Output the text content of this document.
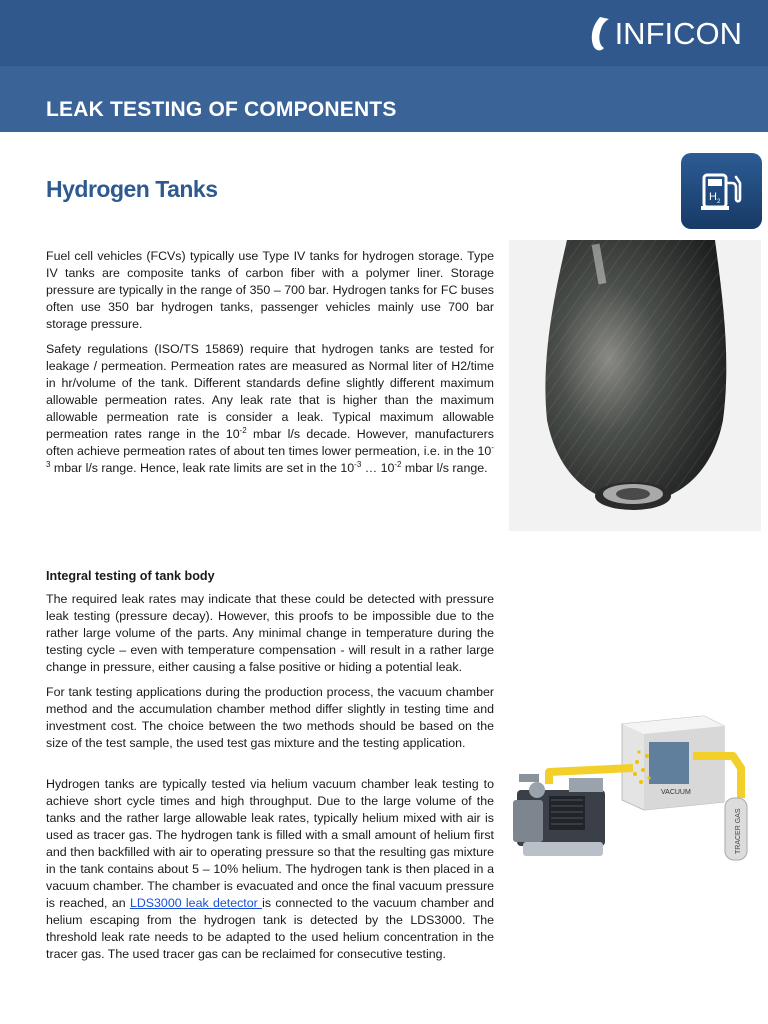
INFICON
LEAK TESTING OF COMPONENTS
Hydrogen Tanks	H 2

Fuel cell vehicles (FCVs) typically use Type IV tanks for hydrogen storage. Type IV tanks are composite tanks of carbon fiber with a polymer liner. Storage pressure are typically in the range of 350 – 700 bar. Hydrogen tanks for FC buses often use 350 bar hydrogen tanks, passenger vehicles mainly use 700 bar storage pressure.

Safety regulations (ISO/TS 15869) require that hydrogen tanks are tested for leakage / permeation. Permeation rates are measured as Normal liter of H2/time in hr/volume of the tank. Different standards define slightly different maximum allowable permeation rates. Any leak rate that is higher than the maximum allowable permeation rate is consider a leak. Typical maximum allowable permeation rates range in the $10^{-2}$ mbar l/s decade. However, manufacturers often achieve permeation rates of about ten times lower permeation, i.e. in the $10^{-3}$ mbar l/s range. Hence, leak rate limits are set in the $10^{-3}$ … $10^{-2}$ mbar l/s range.

Integral testing of tank body

The required leak rates may indicate that these could be detected with pressure leak testing (pressure decay). However, this proofs to be impossible due to the rather large volume of the parts. Any minimal change in temperature during the testing cycle – even with temperature compensation - will result in a rather large change in pressure, either causing a false positive or hiding a potential leak.

For tank testing applications during the production process, the vacuum chamber method and the accumulation chamber method differ slightly in testing time and investment cost. The choice between the two methods should be based on the size of the test sample, the used test gas mixture and the testing application.

Hydrogen tanks are typically tested via helium vacuum chamber leak testing to achieve short cycle times and high throughput. Due to the large volume of the tanks and the rather large allowable leak rates, typically helium mixed with air is used as tracer gas. The hydrogen tank is filled with a small amount of helium first and then backfilled with air to operating pressure so that the resulting gas mixture in the tank contains about 5 – 10% helium. The hydrogen tank is then placed in a vacuum chamber. The chamber is evacuated and once the final vacuum pressure is reached, an LDS3000 leak detector is connected to the vacuum chamber and helium escaping from the hydrogen tank is detected by the LDS3000. The threshold leak rate needs to be adapted to the used helium concentration in the tracer gas. The used tracer gas can be reclaimed for consecutive testing.

VACUUM
TRACER GAS
